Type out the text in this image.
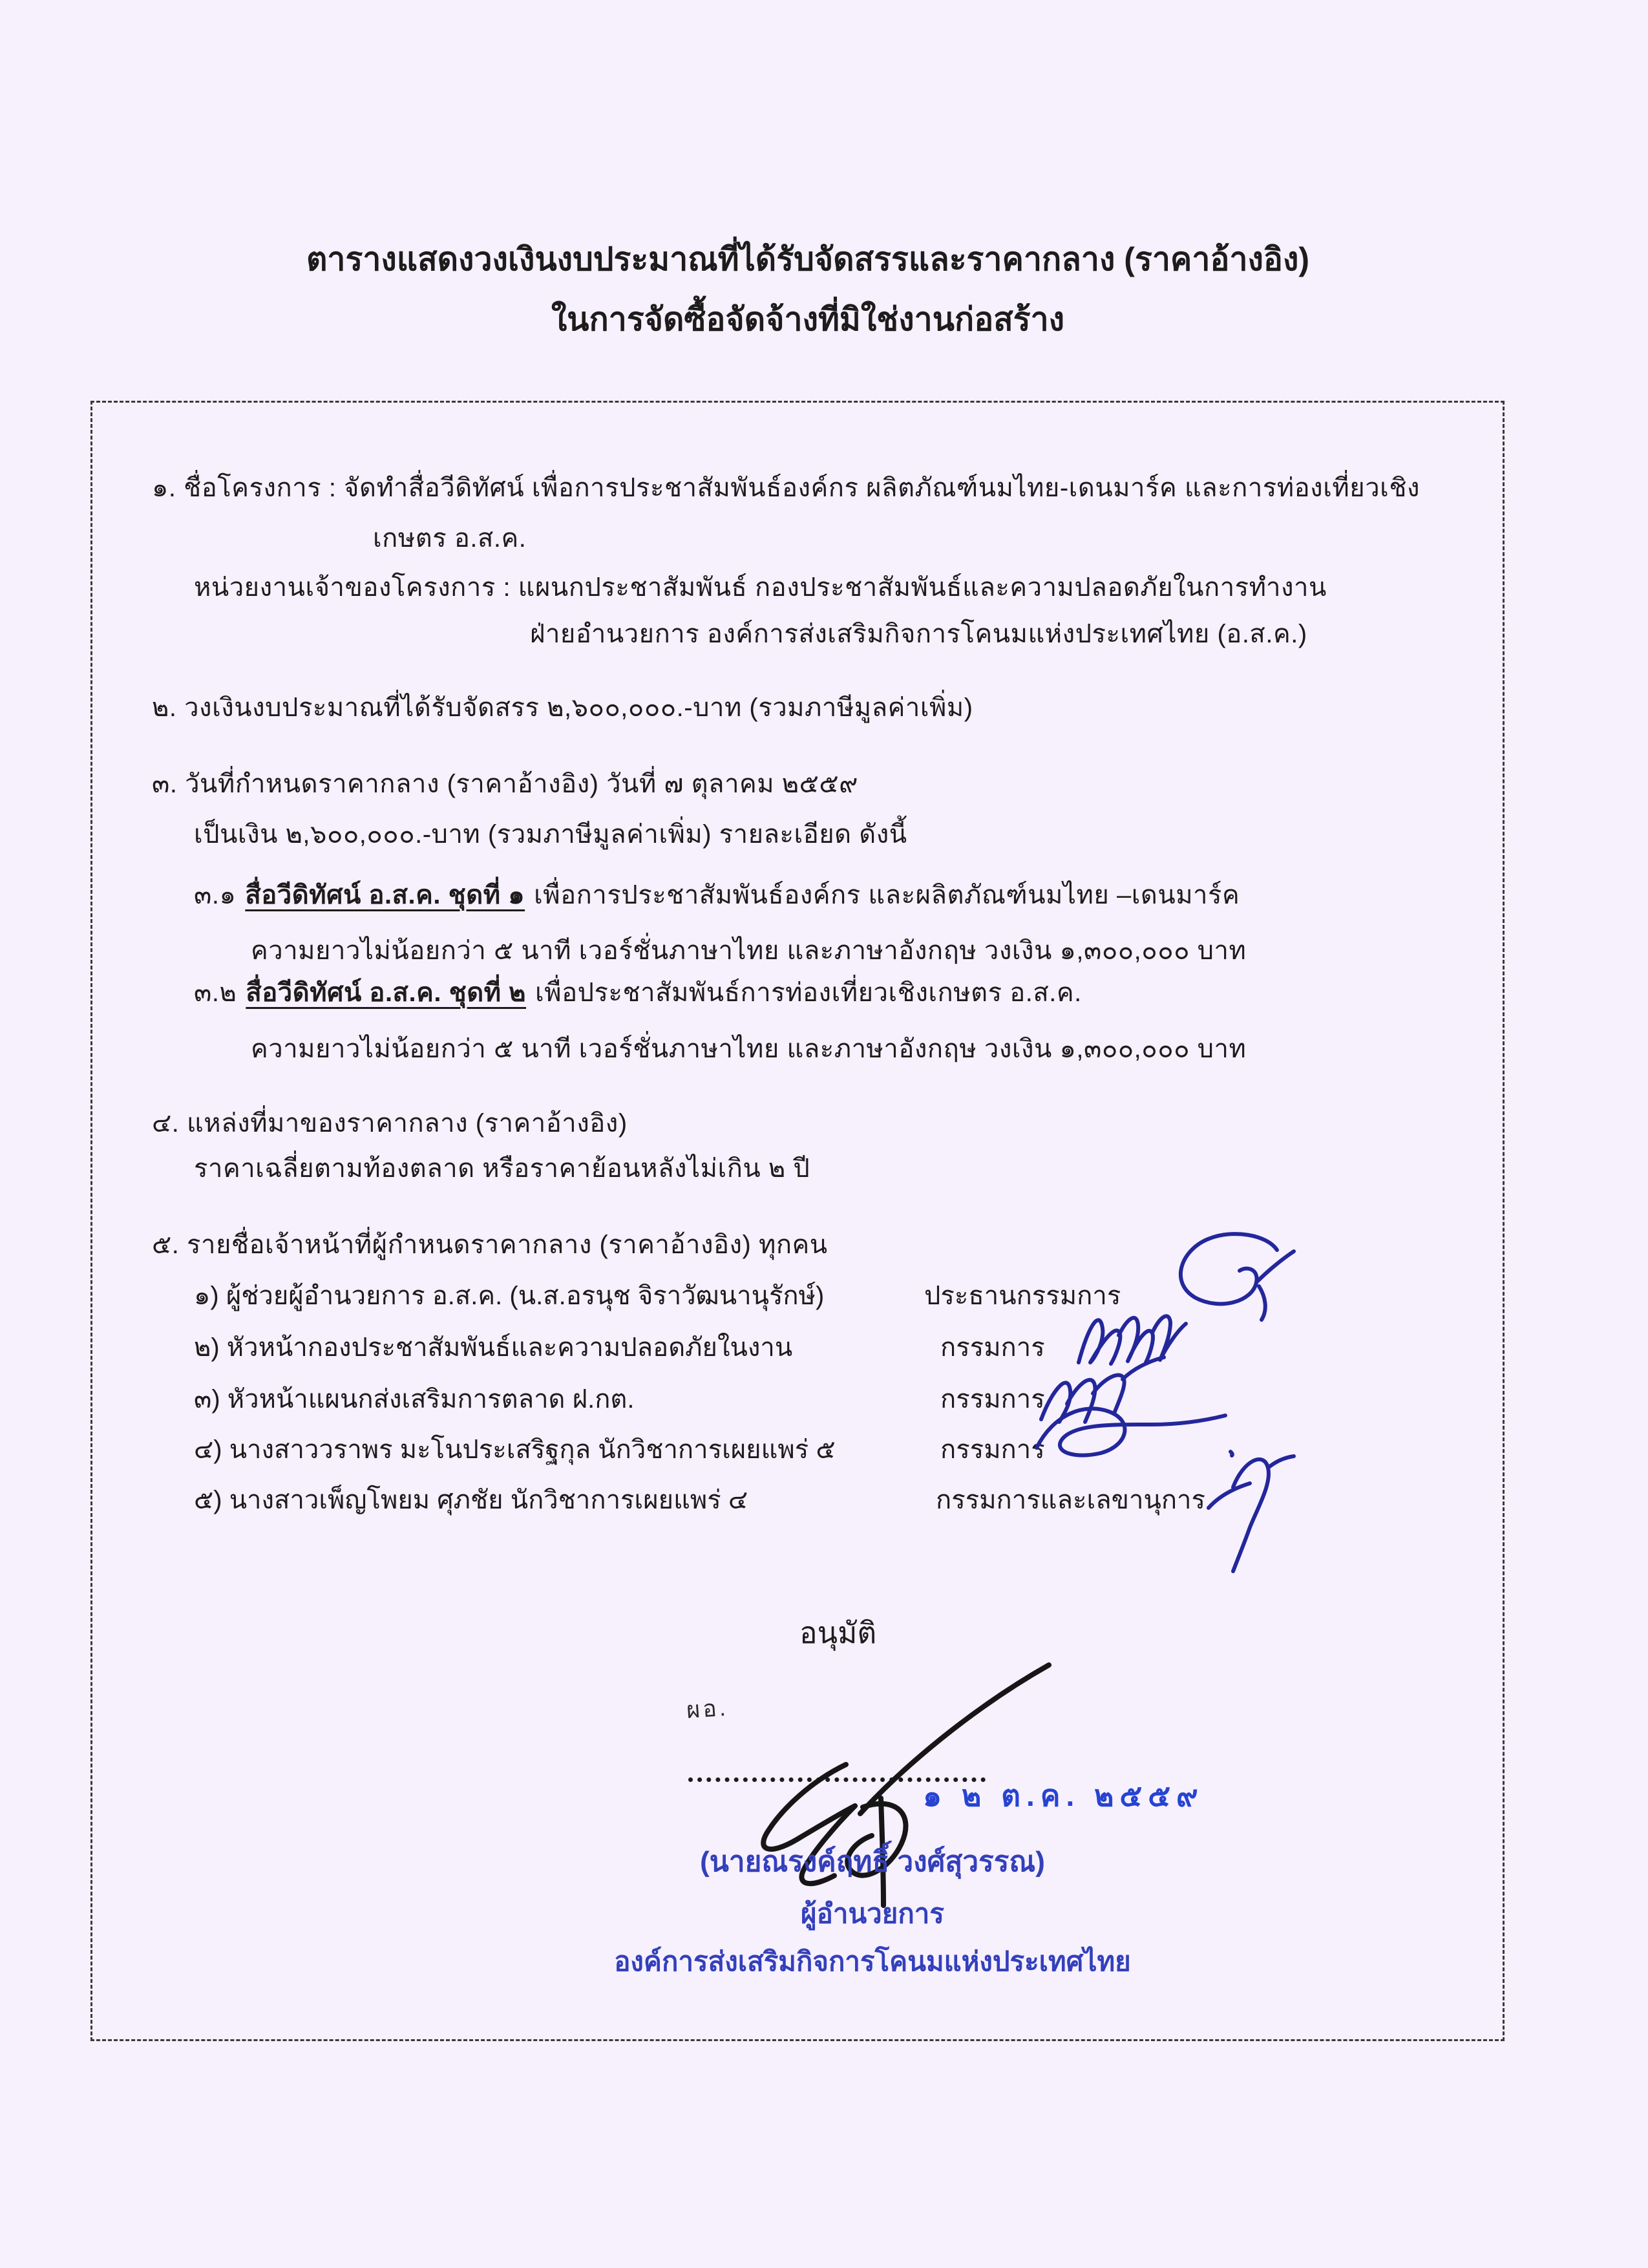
ตารางแสดงวงเงินงบประมาณที่ได้รับจัดสรรและราคากลาง (ราคาอ้างอิง)
ในการจัดซื้อจัดจ้างที่มิใช่งานก่อสร้าง
๑. ชื่อโครงการ : จัดทำสื่อวีดิทัศน์ เพื่อการประชาสัมพันธ์องค์กร ผลิตภัณฑ์นมไทย-เดนมาร์ค และการท่องเที่ยวเชิง
เกษตร อ.ส.ค.
หน่วยงานเจ้าของโครงการ : แผนกประชาสัมพันธ์ กองประชาสัมพันธ์และความปลอดภัยในการทำงาน
ฝ่ายอำนวยการ องค์การส่งเสริมกิจการโคนมแห่งประเทศไทย (อ.ส.ค.)
๒. วงเงินงบประมาณที่ได้รับจัดสรร ๒,๖๐๐,๐๐๐.-บาท (รวมภาษีมูลค่าเพิ่ม)
๓. วันที่กำหนดราคากลาง (ราคาอ้างอิง) วันที่ ๗ ตุลาคม ๒๕๕๙
เป็นเงิน ๒,๖๐๐,๐๐๐.-บาท (รวมภาษีมูลค่าเพิ่ม) รายละเอียด ดังนี้
๓.๑ สื่อวีดิทัศน์ อ.ส.ค. ชุดที่ ๑ เพื่อการประชาสัมพันธ์องค์กร และผลิตภัณฑ์นมไทย –เดนมาร์ค
ความยาวไม่น้อยกว่า ๕ นาที เวอร์ชั่นภาษาไทย และภาษาอังกฤษ วงเงิน ๑,๓๐๐,๐๐๐ บาท
๓.๒ สื่อวีดิทัศน์ อ.ส.ค. ชุดที่ ๒ เพื่อประชาสัมพันธ์การท่องเที่ยวเชิงเกษตร อ.ส.ค.
ความยาวไม่น้อยกว่า ๕ นาที เวอร์ชั่นภาษาไทย และภาษาอังกฤษ วงเงิน ๑,๓๐๐,๐๐๐ บาท
๔. แหล่งที่มาของราคากลาง (ราคาอ้างอิง)
ราคาเฉลี่ยตามท้องตลาด หรือราคาย้อนหลังไม่เกิน ๒ ปี
๕. รายชื่อเจ้าหน้าที่ผู้กำหนดราคากลาง (ราคาอ้างอิง) ทุกคน
๑) ผู้ช่วยผู้อำนวยการ อ.ส.ค. (น.ส.อรนุช จิราวัฒนานุรักษ์)	ประธานกรรมการ
๒) หัวหน้ากองประชาสัมพันธ์และความปลอดภัยในงาน	กรรมการ
๓) หัวหน้าแผนกส่งเสริมการตลาด ฝ.กต.	กรรมการ
๔) นางสาววราพร มะโนประเสริฐกุล นักวิชาการเผยแพร่ ๕	กรรมการ
๕) นางสาวเพ็ญโพยม ศุภชัย นักวิชาการเผยแพร่ ๔	กรรมการและเลขานุการ
อนุมัติ
ผอ.
๑ ๒ ต.ค. ๒๕๕๙
(นายณรงค์ฤทธิ์ วงศ์สุวรรณ)
ผู้อำนวยการ
องค์การส่งเสริมกิจการโคนมแห่งประเทศไทย
